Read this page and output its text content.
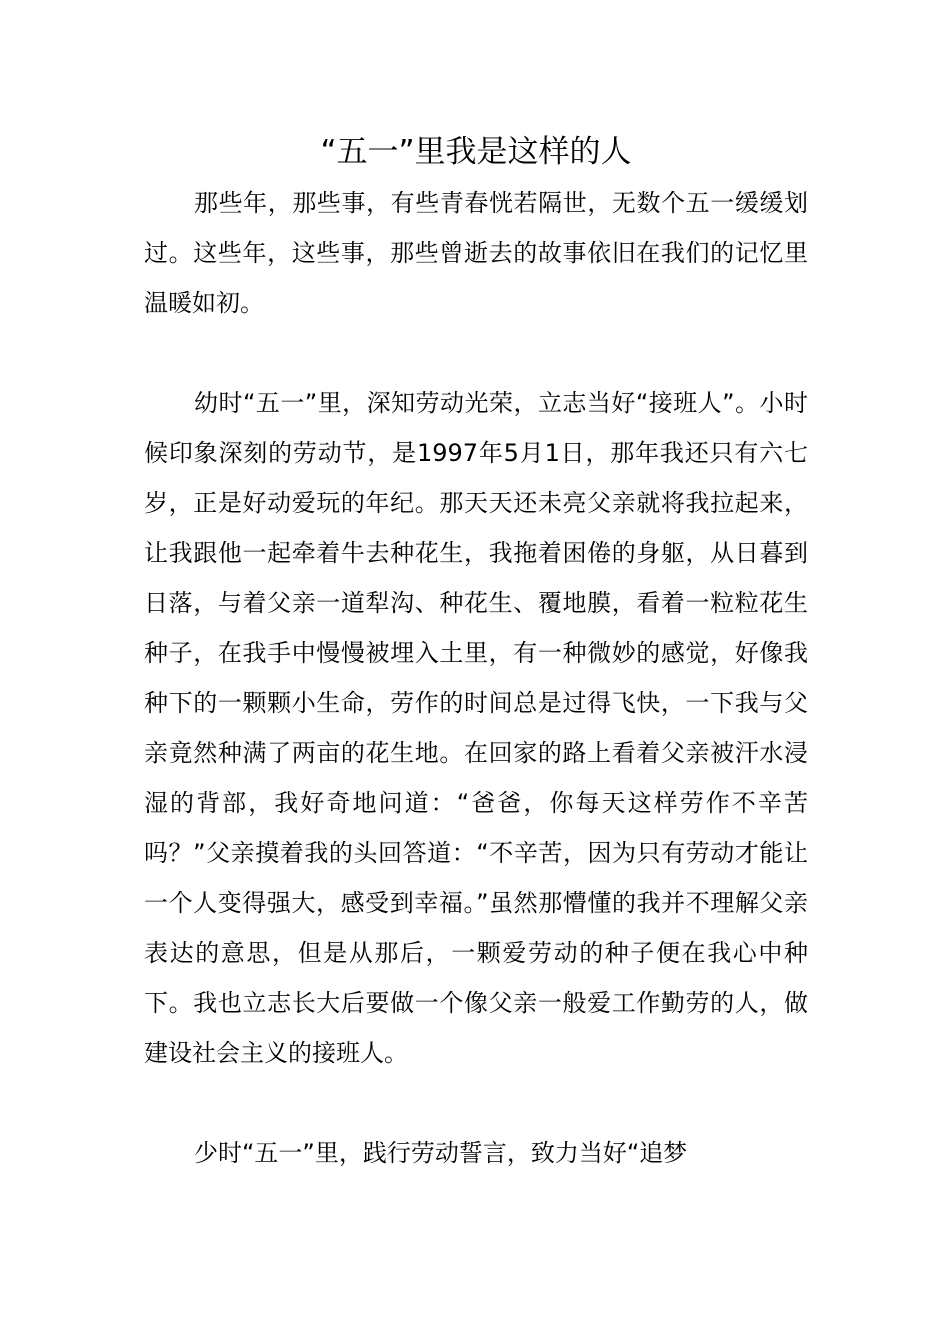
“五一”里我是这样的人

那些年，那些事，有些青春恍若隔世，无数个五一缓缓划过。这些年，这些事，那些曾逝去的故事依旧在我们的记忆里温暖如初。

幼时“五一”里，深知劳动光荣，立志当好“接班人”。小时候印象深刻的劳动节，是1997年5月1日，那年我还只有六七岁，正是好动爱玩的年纪。那天天还未亮父亲就将我拉起来，让我跟他一起牵着牛去种花生，我拖着困倦的身躯，从日暮到日落，与着父亲一道犁沟、种花生、覆地膜，看着一粒粒花生种子，在我手中慢慢被埋入土里，有一种微妙的感觉，好像我种下的一颗颗小生命，劳作的时间总是过得飞快，一下我与父亲竟然种满了两亩的花生地。在回家的路上看着父亲被汗水浸湿的背部，我好奇地问道：“爸爸，你每天这样劳作不辛苦吗？”父亲摸着我的头回答道：“不辛苦，因为只有劳动才能让一个人变得强大，感受到幸福。”虽然那懵懂的我并不理解父亲表达的意思，但是从那后，一颗爱劳动的种子便在我心中种下。我也立志长大后要做一个像父亲一般爱工作勤劳的人，做建设社会主义的接班人。

少时“五一”里，践行劳动誓言，致力当好“追梦
